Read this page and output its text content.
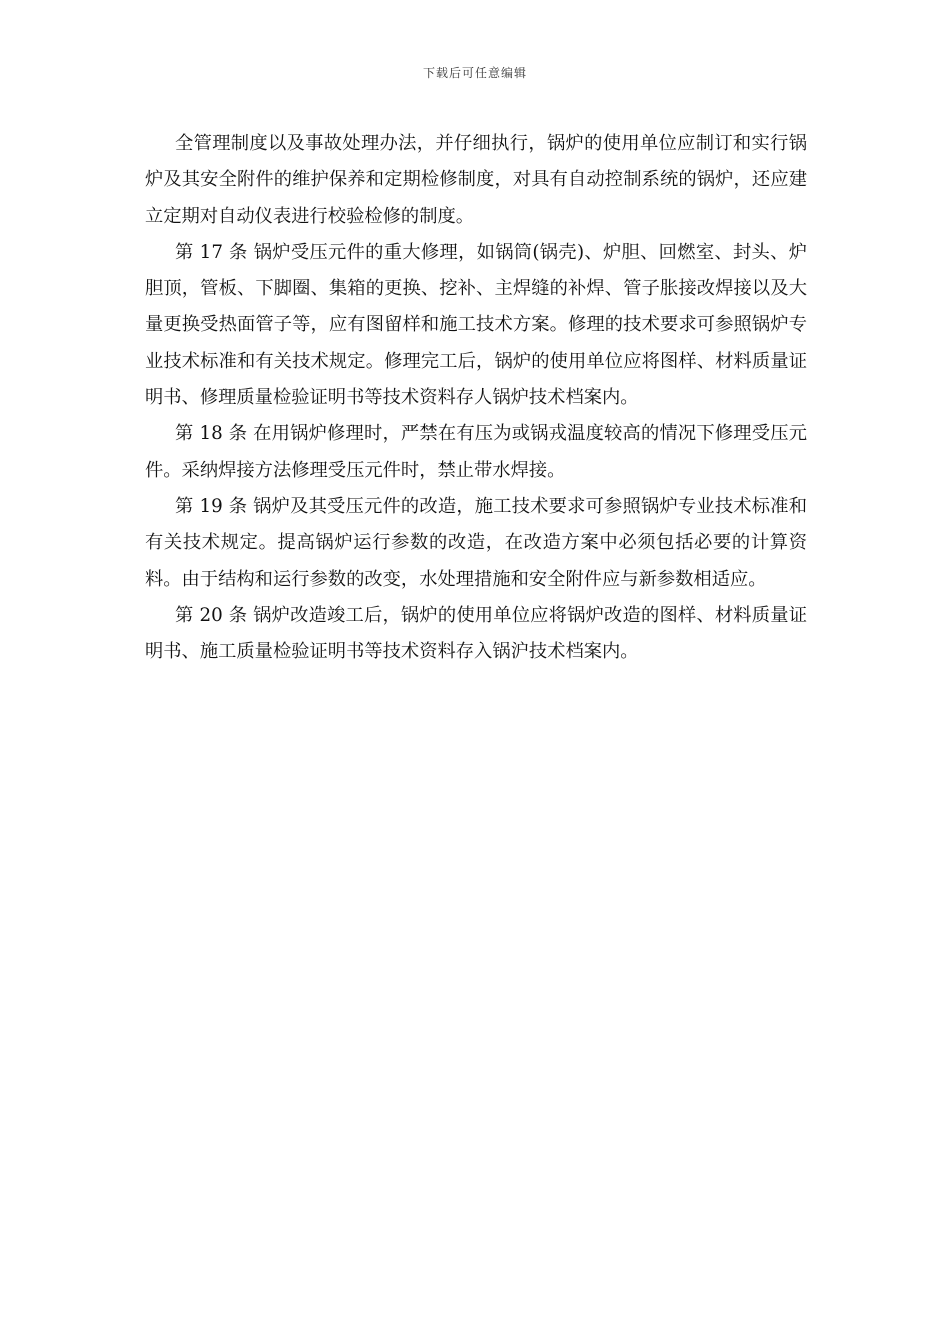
下载后可任意编辑

全管理制度以及事故处理办法，并仔细执行，锅炉的使用单位应制订和实行锅炉及其安全附件的维护保养和定期检修制度，对具有自动控制系统的锅炉，还应建立定期对自动仪表进行校验检修的制度。

第 17 条 锅炉受压元件的重大修理，如锅筒(锅壳)、炉胆、回燃室、封头、炉胆顶，管板、下脚圈、集箱的更换、挖补、主焊缝的补焊、管子胀接改焊接以及大量更换受热面管子等，应有图留样和施工技术方案。修理的技术要求可参照锅炉专业技术标准和有关技术规定。修理完工后，锅炉的使用单位应将图样、材料质量证明书、修理质量检验证明书等技术资料存人锅炉技术档案内。

第 18 条 在用锅炉修理时，严禁在有压为或锅戎温度较高的情况下修理受压元件。采纳焊接方法修理受压元件时，禁止带水焊接。

第 19 条 锅炉及其受压元件的改造，施工技术要求可参照锅炉专业技术标准和有关技术规定。提高锅炉运行参数的改造，在改造方案中必须包括必要的计算资料。由于结构和运行参数的改变，水处理措施和安全附件应与新参数相适应。

第 20 条 锅炉改造竣工后，锅炉的使用单位应将锅炉改造的图样、材料质量证明书、施工质量检验证明书等技术资料存入锅沪技术档案内。
